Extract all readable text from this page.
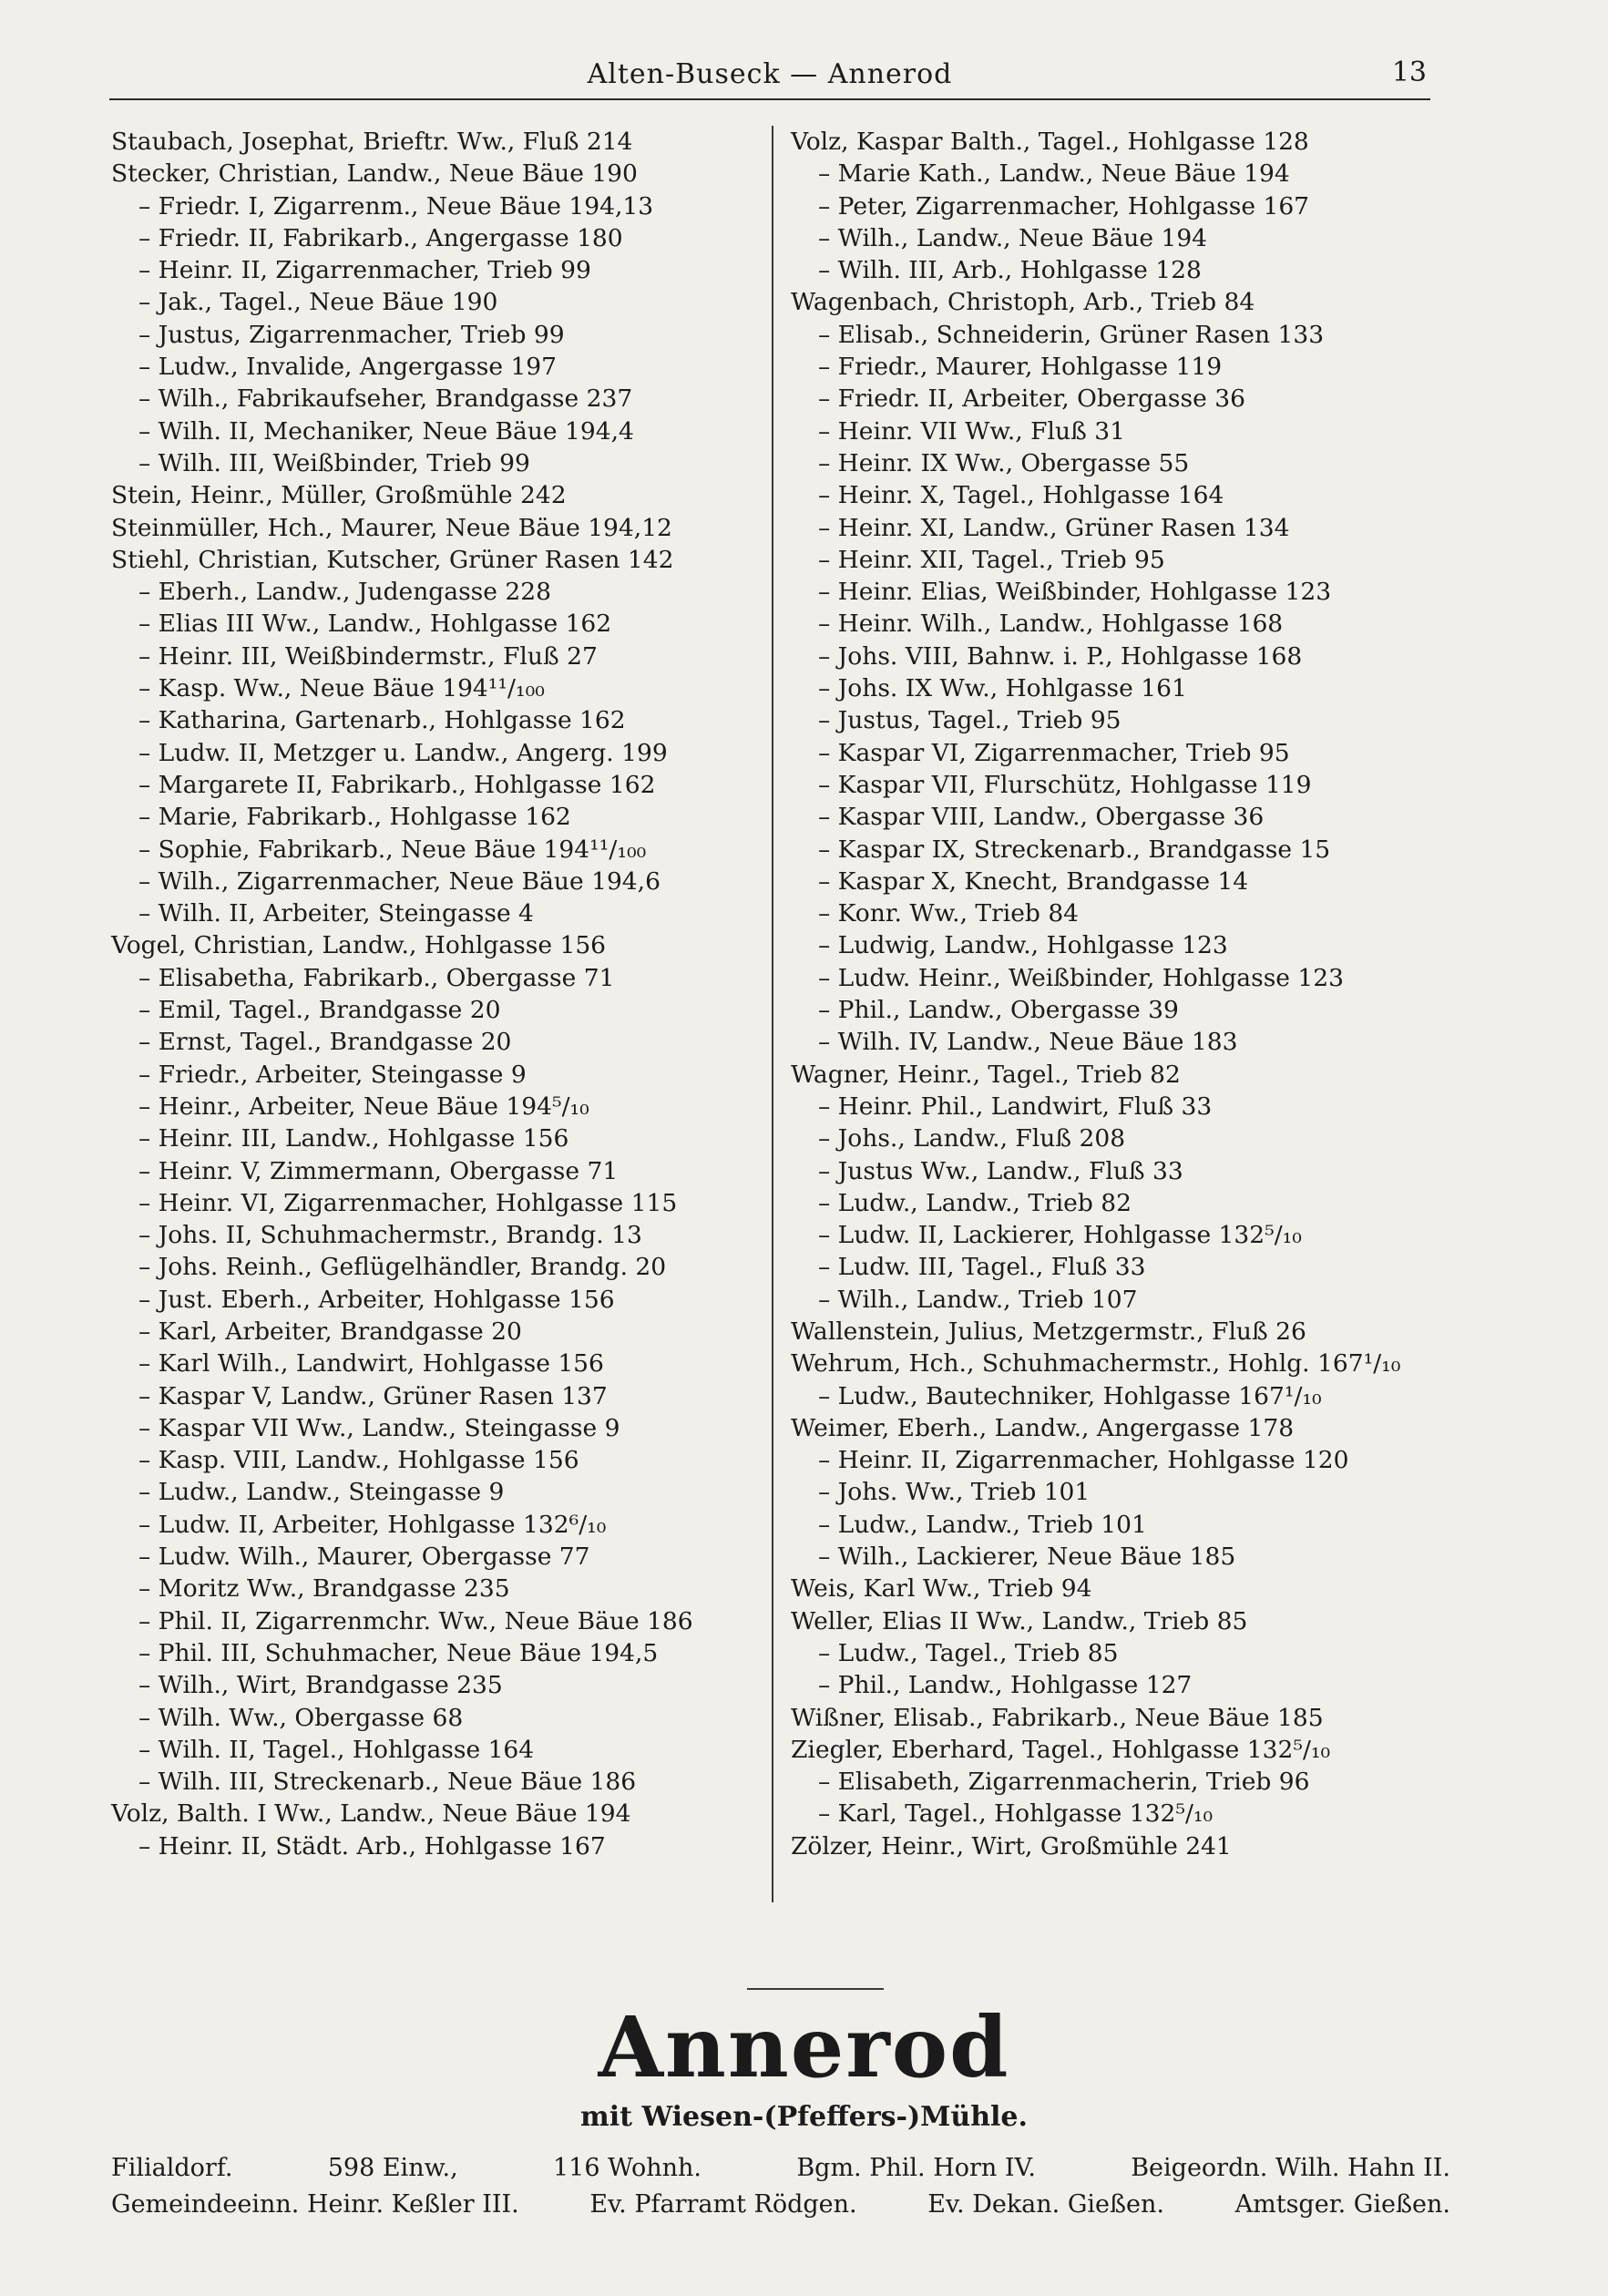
Alten-Buseck — Annerod	13
Staubach, Josephat, Brieftr. Ww., Fluß 214
Stecker, Christian, Landw., Neue Bäue 190
– Friedr. I, Zigarrenm., Neue Bäue 194,13
– Friedr. II, Fabrikarb., Angergasse 180
– Heinr. II, Zigarrenmacher, Trieb 99
– Jak., Tagel., Neue Bäue 190
– Justus, Zigarrenmacher, Trieb 99
– Ludw., Invalide, Angergasse 197
– Wilh., Fabrikaufseher, Brandgasse 237
– Wilh. II, Mechaniker, Neue Bäue 194,4
– Wilh. III, Weißbinder, Trieb 99
Stein, Heinr., Müller, Großmühle 242
Steinmüller, Hch., Maurer, Neue Bäue 194,12
Stiehl, Christian, Kutscher, Grüner Rasen 142
– Eberh., Landw., Judengasse 228
– Elias III Ww., Landw., Hohlgasse 162
– Heinr. III, Weißbindermstr., Fluß 27
– Kasp. Ww., Neue Bäue 194¹¹/₁₀₀
– Katharina, Gartenarb., Hohlgasse 162
– Ludw. II, Metzger u. Landw., Angerg. 199
– Margarete II, Fabrikarb., Hohlgasse 162
– Marie, Fabrikarb., Hohlgasse 162
– Sophie, Fabrikarb., Neue Bäue 194¹¹/₁₀₀
– Wilh., Zigarrenmacher, Neue Bäue 194,6
– Wilh. II, Arbeiter, Steingasse 4
Vogel, Christian, Landw., Hohlgasse 156
– Elisabetha, Fabrikarb., Obergasse 71
– Emil, Tagel., Brandgasse 20
– Ernst, Tagel., Brandgasse 20
– Friedr., Arbeiter, Steingasse 9
– Heinr., Arbeiter, Neue Bäue 194⁵/₁₀
– Heinr. III, Landw., Hohlgasse 156
– Heinr. V, Zimmermann, Obergasse 71
– Heinr. VI, Zigarrenmacher, Hohlgasse 115
– Johs. II, Schuhmachermstr., Brandg. 13
– Johs. Reinh., Geflügelhändler, Brandg. 20
– Just. Eberh., Arbeiter, Hohlgasse 156
– Karl, Arbeiter, Brandgasse 20
– Karl Wilh., Landwirt, Hohlgasse 156
– Kaspar V, Landw., Grüner Rasen 137
– Kaspar VII Ww., Landw., Steingasse 9
– Kasp. VIII, Landw., Hohlgasse 156
– Ludw., Landw., Steingasse 9
– Ludw. II, Arbeiter, Hohlgasse 132⁶/₁₀
– Ludw. Wilh., Maurer, Obergasse 77
– Moritz Ww., Brandgasse 235
– Phil. II, Zigarrenmchr. Ww., Neue Bäue 186
– Phil. III, Schuhmacher, Neue Bäue 194,5
– Wilh., Wirt, Brandgasse 235
– Wilh. Ww., Obergasse 68
– Wilh. II, Tagel., Hohlgasse 164
– Wilh. III, Streckenarb., Neue Bäue 186
Volz, Balth. I Ww., Landw., Neue Bäue 194
– Heinr. II, Städt. Arb., Hohlgasse 167
Volz, Kaspar Balth., Tagel., Hohlgasse 128
– Marie Kath., Landw., Neue Bäue 194
– Peter, Zigarrenmacher, Hohlgasse 167
– Wilh., Landw., Neue Bäue 194
– Wilh. III, Arb., Hohlgasse 128
Wagenbach, Christoph, Arb., Trieb 84
– Elisab., Schneiderin, Grüner Rasen 133
– Friedr., Maurer, Hohlgasse 119
– Friedr. II, Arbeiter, Obergasse 36
– Heinr. VII Ww., Fluß 31
– Heinr. IX Ww., Obergasse 55
– Heinr. X, Tagel., Hohlgasse 164
– Heinr. XI, Landw., Grüner Rasen 134
– Heinr. XII, Tagel., Trieb 95
– Heinr. Elias, Weißbinder, Hohlgasse 123
– Heinr. Wilh., Landw., Hohlgasse 168
– Johs. VIII, Bahnw. i. P., Hohlgasse 168
– Johs. IX Ww., Hohlgasse 161
– Justus, Tagel., Trieb 95
– Kaspar VI, Zigarrenmacher, Trieb 95
– Kaspar VII, Flurschütz, Hohlgasse 119
– Kaspar VIII, Landw., Obergasse 36
– Kaspar IX, Streckenarb., Brandgasse 15
– Kaspar X, Knecht, Brandgasse 14
– Konr. Ww., Trieb 84
– Ludwig, Landw., Hohlgasse 123
– Ludw. Heinr., Weißbinder, Hohlgasse 123
– Phil., Landw., Obergasse 39
– Wilh. IV, Landw., Neue Bäue 183
Wagner, Heinr., Tagel., Trieb 82
– Heinr. Phil., Landwirt, Fluß 33
– Johs., Landw., Fluß 208
– Justus Ww., Landw., Fluß 33
– Ludw., Landw., Trieb 82
– Ludw. II, Lackierer, Hohlgasse 132⁵/₁₀
– Ludw. III, Tagel., Fluß 33
– Wilh., Landw., Trieb 107
Wallenstein, Julius, Metzgermstr., Fluß 26
Wehrum, Hch., Schuhmachermstr., Hohlg. 167¹/₁₀
– Ludw., Bautechniker, Hohlgasse 167¹/₁₀
Weimer, Eberh., Landw., Angergasse 178
– Heinr. II, Zigarrenmacher, Hohlgasse 120
– Johs. Ww., Trieb 101
– Ludw., Landw., Trieb 101
– Wilh., Lackierer, Neue Bäue 185
Weis, Karl Ww., Trieb 94
Weller, Elias II Ww., Landw., Trieb 85
– Ludw., Tagel., Trieb 85
– Phil., Landw., Hohlgasse 127
Wißner, Elisab., Fabrikarb., Neue Bäue 185
Ziegler, Eberhard, Tagel., Hohlgasse 132⁵/₁₀
– Elisabeth, Zigarrenmacherin, Trieb 96
– Karl, Tagel., Hohlgasse 132⁵/₁₀
Zölzer, Heinr., Wirt, Großmühle 241
Annerod
mit Wiesen-(Pfeffers-)Mühle.
Filialdorf.	598 Einw.,	116 Wohnh.	Bgm. Phil. Horn IV.	Beigeordn. Wilh. Hahn II.
Gemeindeeinn. Heinr. Keßler III.	Ev. Pfarramt Rödgen.	Ev. Dekan. Gießen.	Amtsger. Gießen.
